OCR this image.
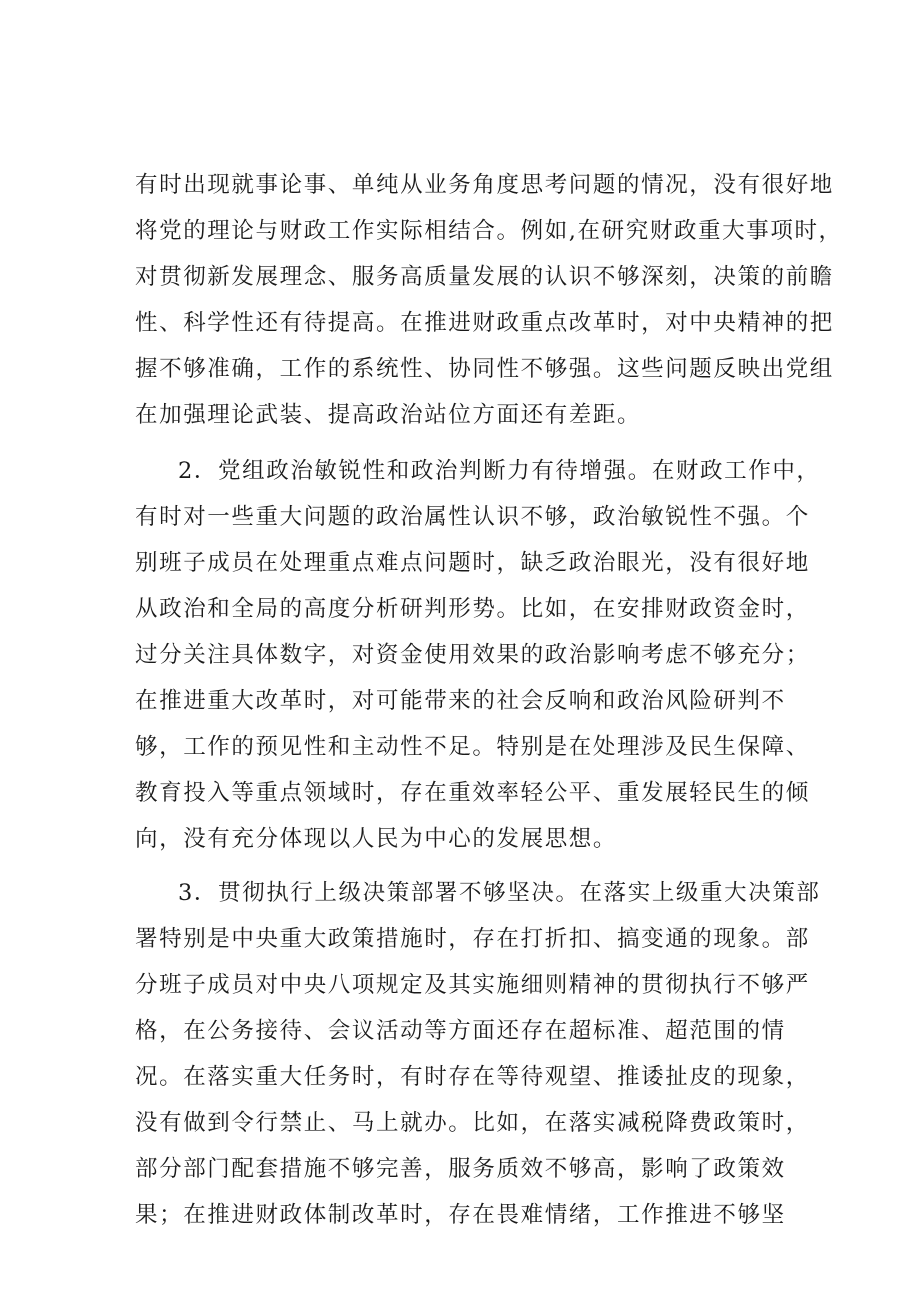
有时出现就事论事、单纯从业务角度思考问题的情况，没有很好地
将党的理论与财政工作实际相结合。例如,在研究财政重大事项时，
对贯彻新发展理念、服务高质量发展的认识不够深刻，决策的前瞻
性、科学性还有待提高。在推进财政重点改革时，对中央精神的把
握不够准确，工作的系统性、协同性不够强。这些问题反映出党组
在加强理论武装、提高政治站位方面还有差距。
2．党组政治敏锐性和政治判断力有待增强。在财政工作中，
有时对一些重大问题的政治属性认识不够，政治敏锐性不强。个
别班子成员在处理重点难点问题时，缺乏政治眼光，没有很好地
从政治和全局的高度分析研判形势。比如，在安排财政资金时，
过分关注具体数字，对资金使用效果的政治影响考虑不够充分；
在推进重大改革时，对可能带来的社会反响和政治风险研判不
够，工作的预见性和主动性不足。特别是在处理涉及民生保障、
教育投入等重点领域时，存在重效率轻公平、重发展轻民生的倾
向，没有充分体现以人民为中心的发展思想。
3．贯彻执行上级决策部署不够坚决。在落实上级重大决策部
署特别是中央重大政策措施时，存在打折扣、搞变通的现象。部
分班子成员对中央八项规定及其实施细则精神的贯彻执行不够严
格，在公务接待、会议活动等方面还存在超标准、超范围的情
况。在落实重大任务时，有时存在等待观望、推诿扯皮的现象，
没有做到令行禁止、马上就办。比如，在落实减税降费政策时，
部分部门配套措施不够完善，服务质效不够高，影响了政策效
果；在推进财政体制改革时，存在畏难情绪，工作推进不够坚
